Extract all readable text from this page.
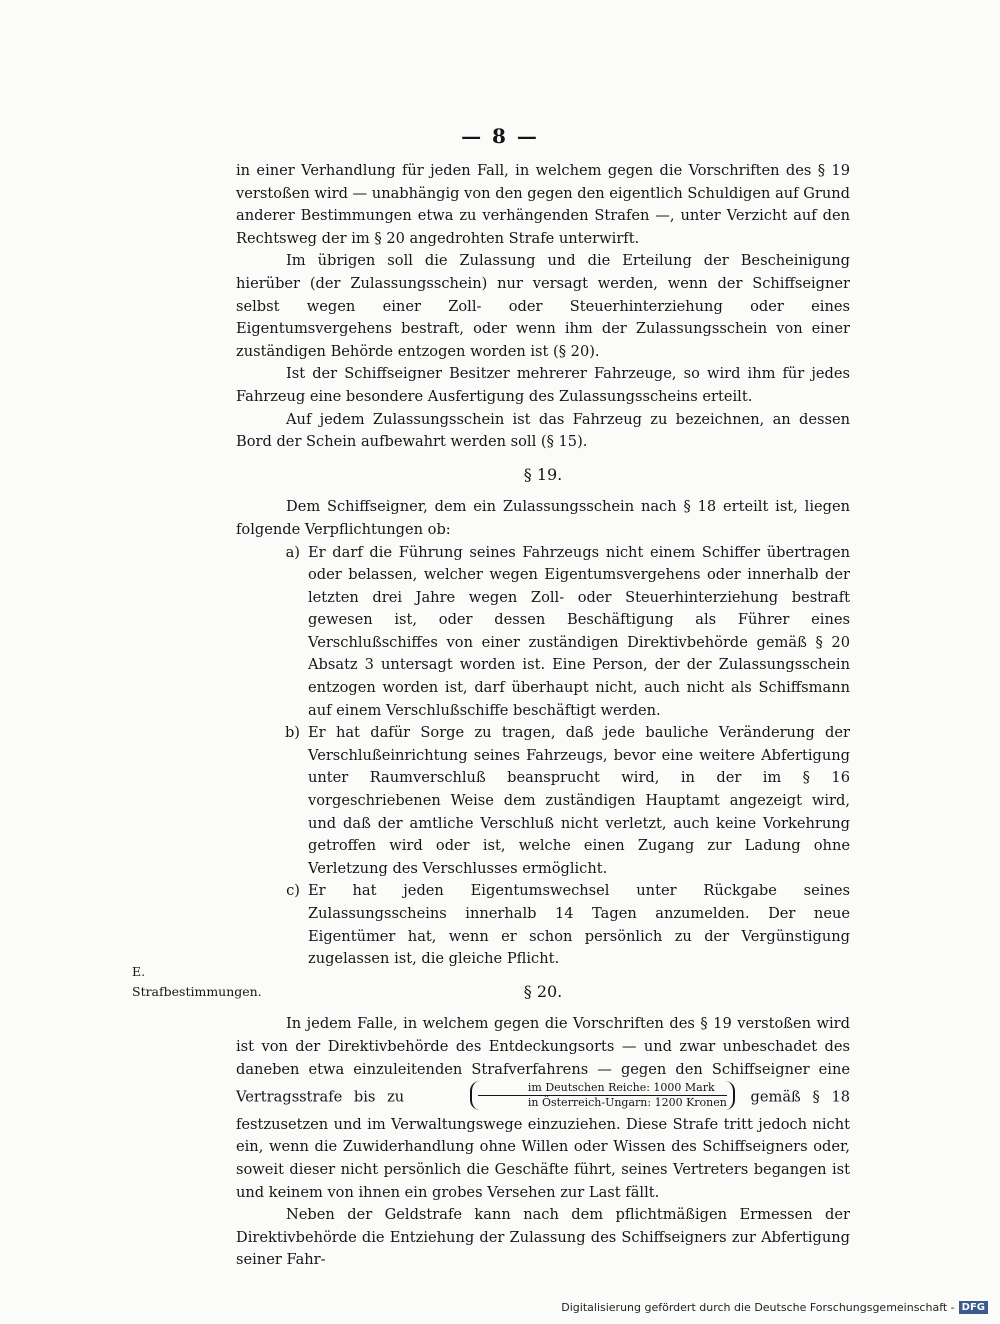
— 8 —

in einer Verhandlung für jeden Fall, in welchem gegen die Vorschriften des § 19 verstoßen wird — unabhängig von den gegen den eigentlich Schuldigen auf Grund anderer Bestimmungen etwa zu verhängenden Strafen —, unter Verzicht auf den Rechtsweg der im § 20 angedrohten Strafe unterwirft.

Im übrigen soll die Zulassung und die Erteilung der Bescheinigung hierüber (der Zulassungsschein) nur versagt werden, wenn der Schiffseigner selbst wegen einer Zoll- oder Steuerhinterziehung oder eines Eigentumsvergehens bestraft, oder wenn ihm der Zulassungsschein von einer zuständigen Behörde entzogen worden ist (§ 20).

Ist der Schiffseigner Besitzer mehrerer Fahrzeuge, so wird ihm für jedes Fahrzeug eine besondere Ausfertigung des Zulassungsscheins erteilt.

Auf jedem Zulassungsschein ist das Fahrzeug zu bezeichnen, an dessen Bord der Schein aufbewahrt werden soll (§ 15).

§ 19.

Dem Schiffseigner, dem ein Zulassungsschein nach § 18 erteilt ist, liegen folgende Verpflichtungen ob:

a) Er darf die Führung seines Fahrzeugs nicht einem Schiffer übertragen oder belassen, welcher wegen Eigentumsvergehens oder innerhalb der letzten drei Jahre wegen Zoll- oder Steuerhinterziehung bestraft gewesen ist, oder dessen Beschäftigung als Führer eines Verschlußschiffes von einer zuständigen Direktivbehörde gemäß § 20 Absatz 3 untersagt worden ist. Eine Person, der der Zulassungsschein entzogen worden ist, darf überhaupt nicht, auch nicht als Schiffsmann auf einem Verschlußschiffe beschäftigt werden.
b) Er hat dafür Sorge zu tragen, daß jede bauliche Veränderung der Verschlußeinrichtung seines Fahrzeugs, bevor eine weitere Abfertigung unter Raumverschluß beansprucht wird, in der im § 16 vorgeschriebenen Weise dem zuständigen Hauptamt angezeigt wird, und daß der amtliche Verschluß nicht verletzt, auch keine Vorkehrung getroffen wird oder ist, welche einen Zugang zur Ladung ohne Verletzung des Verschlusses ermöglicht.
c) Er hat jeden Eigentumswechsel unter Rückgabe seines Zulassungsscheins innerhalb 14 Tagen anzumelden. Der neue Eigentümer hat, wenn er schon persönlich zu der Vergünstigung zugelassen ist, die gleiche Pflicht.

§ 20.

In jedem Falle, in welchem gegen die Vorschriften des § 19 verstoßen wird ist von der Direktivbehörde des Entdeckungsorts — und zwar unbeschadet des daneben etwa einzuleitenden Strafverfahrens — gegen den Schiffseigner eine Vertragsstrafe bis zu
im Deutschen Reiche: 1000 Mark
in Österreich-Ungarn: 1200 Kronen gemäß § 18 festzusetzen und im Verwaltungswege einzuziehen. Diese Strafe tritt jedoch nicht ein, wenn die Zuwiderhandlung ohne Willen oder Wissen des Schiffseigners oder, soweit dieser nicht persönlich die Geschäfte führt, seines Vertreters begangen ist und keinem von ihnen ein grobes Versehen zur Last fällt.

Neben der Geldstrafe kann nach dem pflichtmäßigen Ermessen der Direktivbehörde die Entziehung der Zulassung des Schiffseigners zur Abfertigung seiner Fahr-

E. Strafbestimmungen.
Digitalisierung gefördert durch die Deutsche Forschungsgemeinschaft - DFG
